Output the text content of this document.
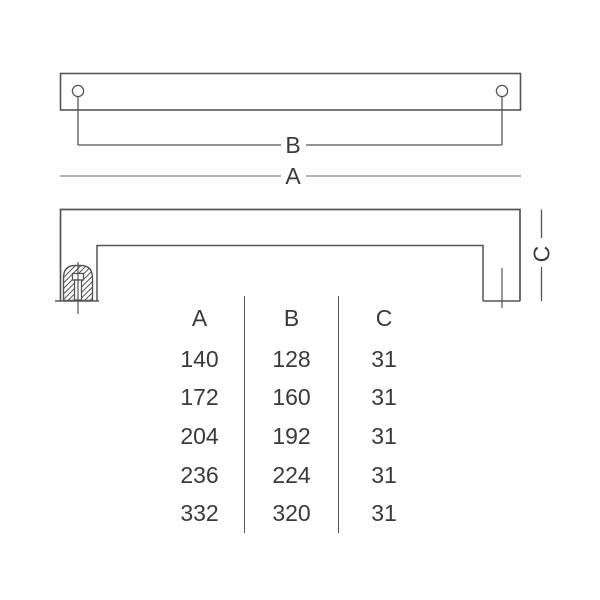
B
A
C
A
140
172
204
236
332
B
128
160
192
224
320
C
31
31
31
31
31
